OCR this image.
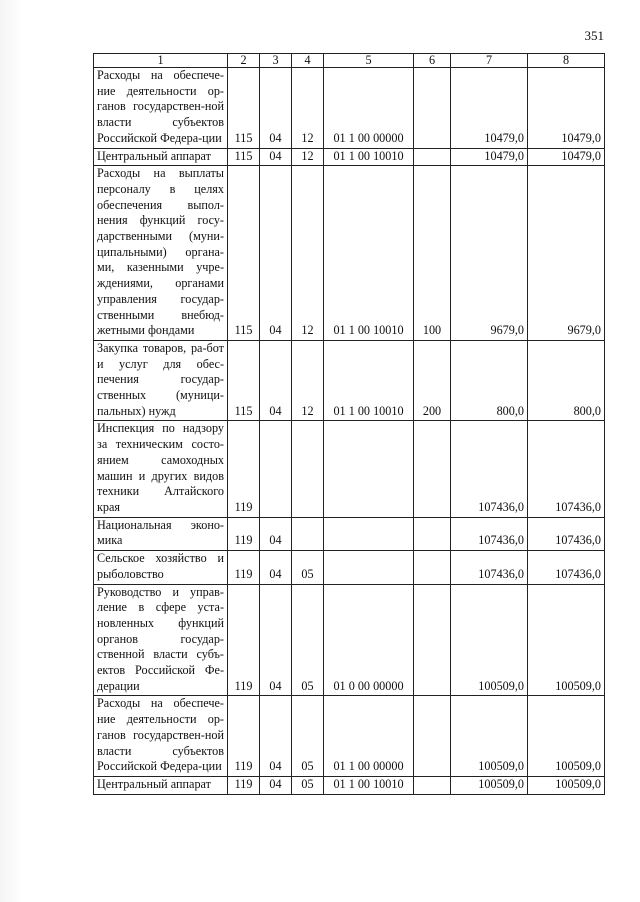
351
1	2	3	4	5	6	7	8
Расходы на обеспече-ние деятельности ор-ганов государствен-ной власти субъектов Российской Федера-ции	115	04	12	01 1 00 00000		10479,0	10479,0
Центральный аппарат	115	04	12	01 1 00 10010		10479,0	10479,0
Расходы на выплаты персоналу в целях обеспечения выпол-нения функций госу-дарственными (муни-ципальными) органа-ми, казенными учре-ждениями, органами управления государ-ственными внебюд-жетными фондами	115	04	12	01 1 00 10010	100	9679,0	9679,0
Закупка товаров, ра-бот и услуг для обес-печения государ-ственных (муници-пальных) нужд	115	04	12	01 1 00 10010	200	800,0	800,0
Инспекция по надзору за техническим состо-янием самоходных машин и других видов техники Алтайского края	119					107436,0	107436,0
Национальная эконо-мика	119	04				107436,0	107436,0
Сельское хозяйство и рыболовство	119	04	05			107436,0	107436,0
Руководство и управ-ление в сфере уста-новленных функций органов государ-ственной власти субъ-ектов Российской Фе-дерации	119	04	05	01 0 00 00000		100509,0	100509,0
Расходы на обеспече-ние деятельности ор-ганов государствен-ной власти субъектов Российской Федера-ции	119	04	05	01 1 00 00000		100509,0	100509,0
Центральный аппарат	119	04	05	01 1 00 10010		100509,0	100509,0
